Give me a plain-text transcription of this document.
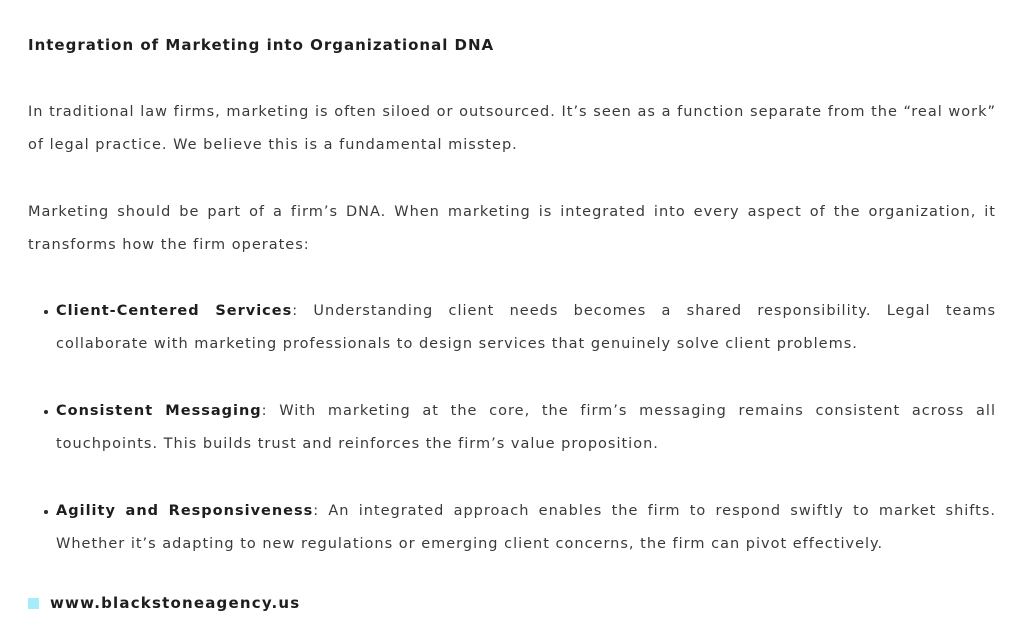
Integration of Marketing into Organizational DNA

In traditional law firms, marketing is often siloed or outsourced. It’s seen as a function separate from the “real work” of legal practice. We believe this is a fundamental misstep.

Marketing should be part of a firm’s DNA. When marketing is integrated into every aspect of the organization, it transforms how the firm operates:

Client-Centered Services: Understanding client needs becomes a shared responsibility. Legal teams collaborate with marketing professionals to design services that genuinely solve client problems.
Consistent Messaging: With marketing at the core, the firm’s messaging remains consistent across all touchpoints. This builds trust and reinforces the firm’s value proposition.
Agility and Responsiveness: An integrated approach enables the firm to respond swiftly to market shifts. Whether it’s adapting to new regulations or emerging client concerns, the firm can pivot effectively.
www.blackstoneagency.us
